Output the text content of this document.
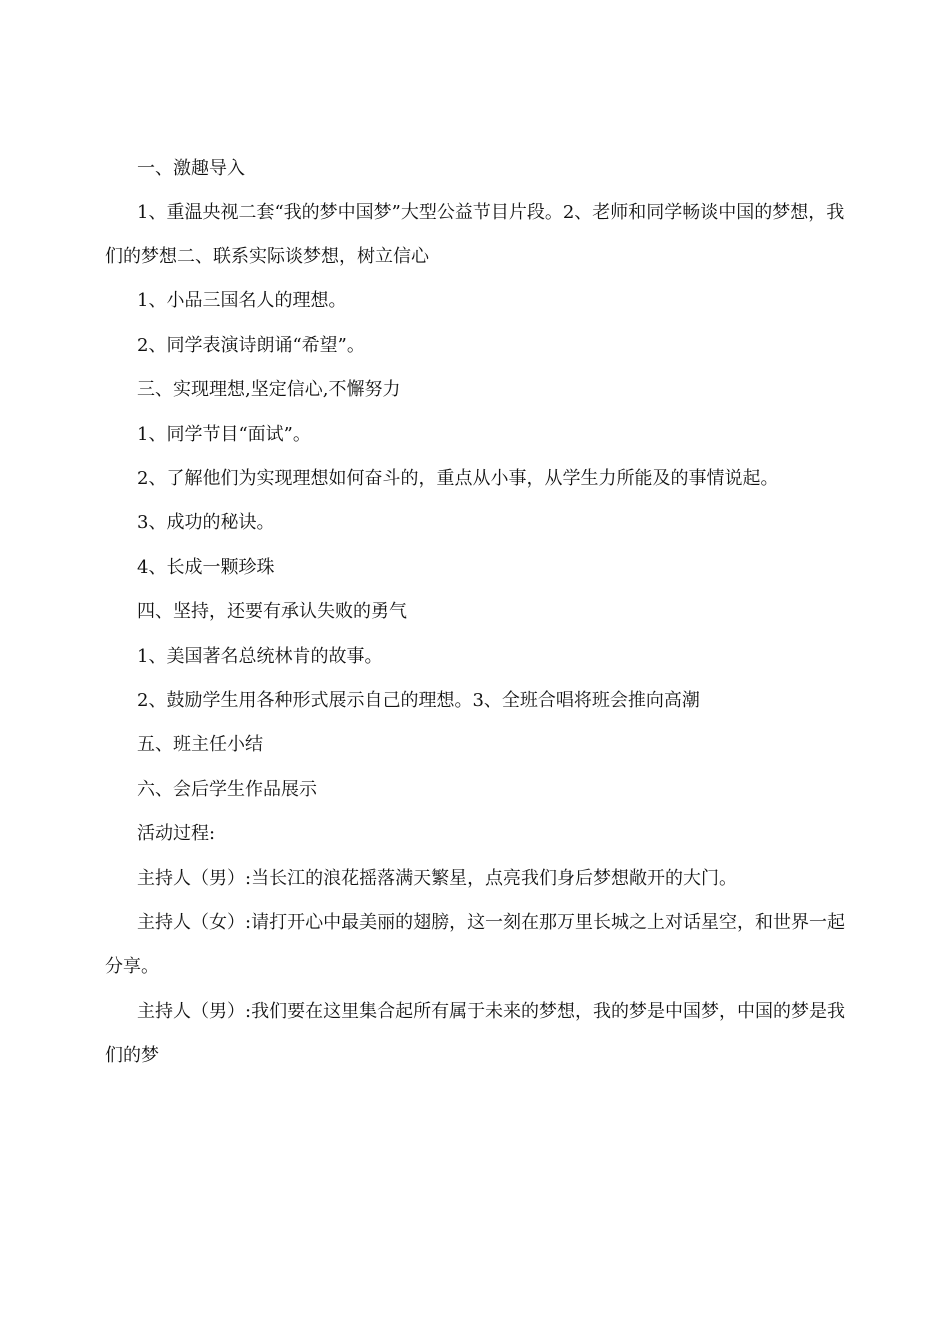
一、激趣导入

1、重温央视二套“我的梦中国梦”大型公益节目片段。2、老师和同学畅谈中国的梦想，我们的梦想二、联系实际谈梦想，树立信心

1、小品三国名人的理想。

2、同学表演诗朗诵“希望”。

三、实现理想,坚定信心,不懈努力

1、同学节目“面试”。

2、了解他们为实现理想如何奋斗的，重点从小事，从学生力所能及的事情说起。

3、成功的秘诀。

4、长成一颗珍珠

四、坚持，还要有承认失败的勇气

1、美国著名总统林肯的故事。

2、鼓励学生用各种形式展示自己的理想。3、全班合唱将班会推向高潮

五、班主任小结

六、会后学生作品展示

活动过程:

主持人（男）:当长江的浪花摇落满天繁星，点亮我们身后梦想敞开的大门。

主持人（女）:请打开心中最美丽的翅膀，这一刻在那万里长城之上对话星空，和世界一起分享。

主持人（男）:我们要在这里集合起所有属于未来的梦想，我的梦是中国梦，中国的梦是我们的梦
